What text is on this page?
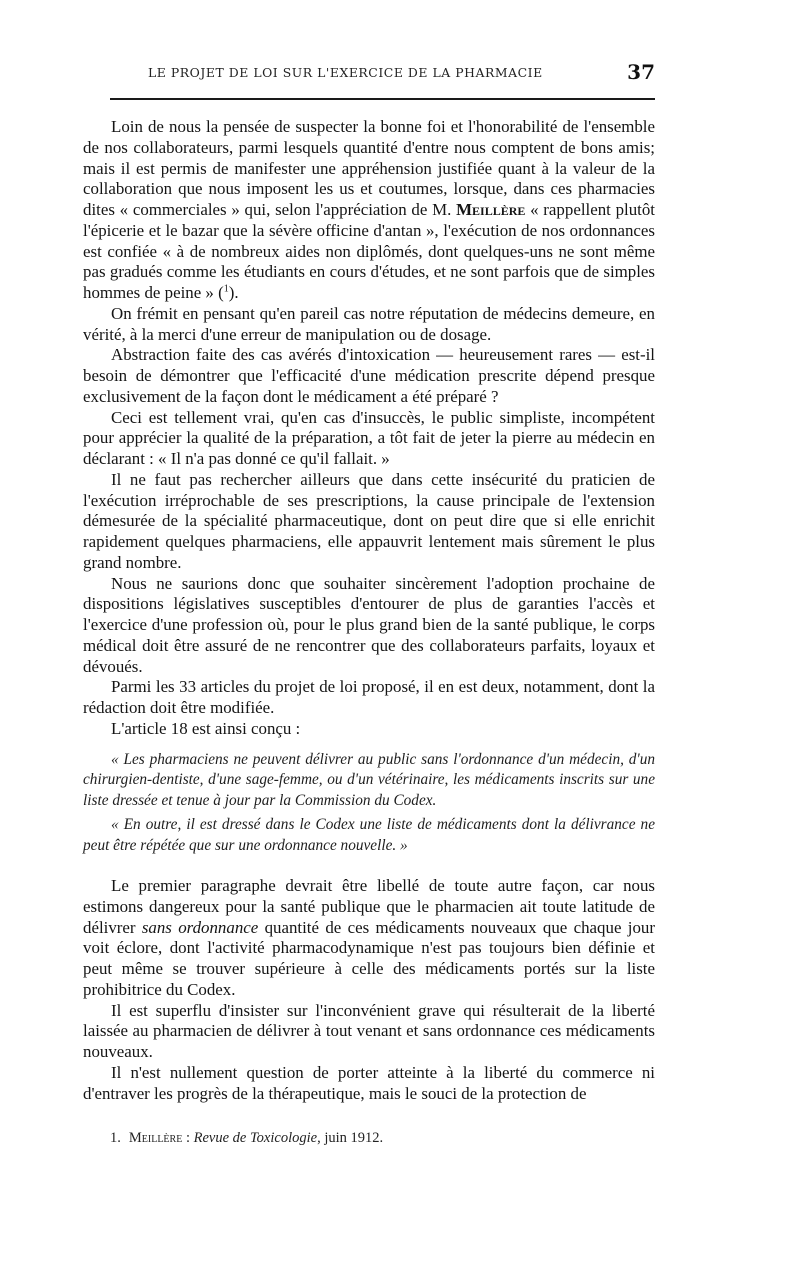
LE PROJET DE LOI SUR L'EXERCICE DE LA PHARMACIE	37

Loin de nous la pensée de suspecter la bonne foi et l'honorabilité de l'ensemble de nos collaborateurs, parmi lesquels quantité d'entre nous comptent de bons amis; mais il est permis de manifester une appréhension justifiée quant à la valeur de la collaboration que nous imposent les us et coutumes, lorsque, dans ces pharmacies dites « commerciales » qui, selon l'appréciation de M. Meillère « rappellent plutôt l'épicerie et le bazar que la sévère officine d'antan », l'exécution de nos ordonnances est confiée « à de nombreux aides non diplômés, dont quelques-uns ne sont même pas gradués comme les étudiants en cours d'études, et ne sont parfois que de simples hommes de peine » ($^1$).

On frémit en pensant qu'en pareil cas notre réputation de médecins demeure, en vérité, à la merci d'une erreur de manipulation ou de dosage.

Abstraction faite des cas avérés d'intoxication — heureusement rares — est-il besoin de démontrer que l'efficacité d'une médication prescrite dépend presque exclusivement de la façon dont le médicament a été préparé ?

Ceci est tellement vrai, qu'en cas d'insuccès, le public simpliste, incompétent pour apprécier la qualité de la préparation, a tôt fait de jeter la pierre au médecin en déclarant : « Il n'a pas donné ce qu'il fallait. »

Il ne faut pas rechercher ailleurs que dans cette insécurité du praticien de l'exécution irréprochable de ses prescriptions, la cause principale de l'extension démesurée de la spécialité pharmaceutique, dont on peut dire que si elle enrichit rapidement quelques pharmaciens, elle appauvrit lentement mais sûrement le plus grand nombre.

Nous ne saurions donc que souhaiter sincèrement l'adoption prochaine de dispositions législatives susceptibles d'entourer de plus de garanties l'accès et l'exercice d'une profession où, pour le plus grand bien de la santé publique, le corps médical doit être assuré de ne rencontrer que des collaborateurs parfaits, loyaux et dévoués.

Parmi les 33 articles du projet de loi proposé, il en est deux, notamment, dont la rédaction doit être modifiée.

L'article 18 est ainsi conçu :

« Les pharmaciens ne peuvent délivrer au public sans l'ordonnance d'un médecin, d'un chirurgien-dentiste, d'une sage-femme, ou d'un vétérinaire, les médicaments inscrits sur une liste dressée et tenue à jour par la Commission du Codex.

« En outre, il est dressé dans le Codex une liste de médicaments dont la délivrance ne peut être répétée que sur une ordonnance nouvelle. »

Le premier paragraphe devrait être libellé de toute autre façon, car nous estimons dangereux pour la santé publique que le pharmacien ait toute latitude de délivrer sans ordonnance quantité de ces médicaments nouveaux que chaque jour voit éclore, dont l'activité pharmacodynamique n'est pas toujours bien définie et peut même se trouver supérieure à celle des médicaments portés sur la liste prohibitrice du Codex.

Il est superflu d'insister sur l'inconvénient grave qui résulterait de la liberté laissée au pharmacien de délivrer à tout venant et sans ordonnance ces médicaments nouveaux.

Il n'est nullement question de porter atteinte à la liberté du commerce ni d'entraver les progrès de la thérapeutique, mais le souci de la protection de

1. Meillère : Revue de Toxicologie, juin 1912.
